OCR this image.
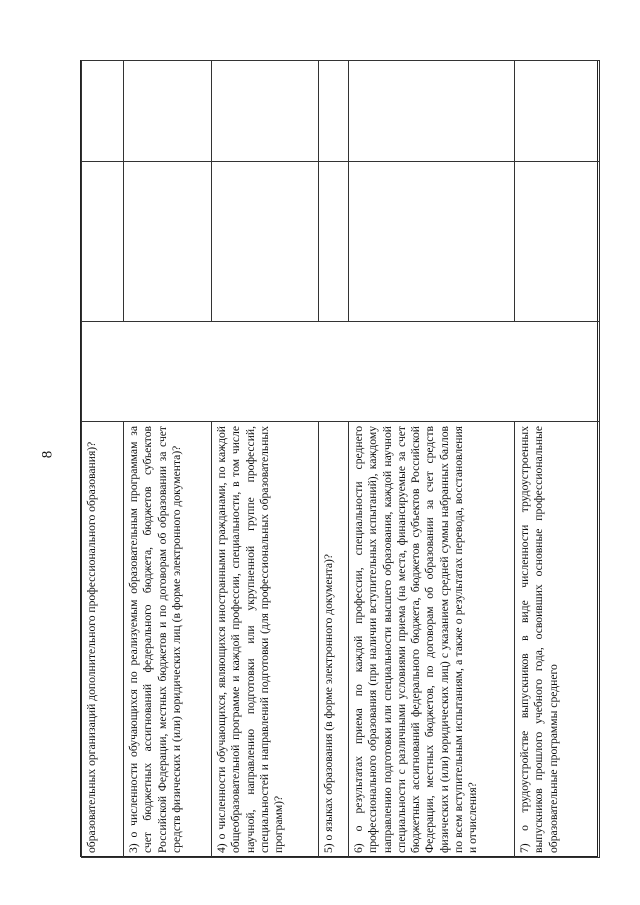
8	образовательных организаций дополнительного профессионального образования)?			
3) о численности обучающихся по реализуемым образовательным программам за счет бюджетных ассигнований федерального бюджета, бюджетов субъектов Российской Федерации, местных бюджетов и по договорам об образовании за счет средств физических и (или) юридических лиц (в форме электронного документа)?			
4) о численности обучающихся, являющихся иностранными гражданами, по каждой общеобразовательной программе и каждой профессии, специальности, в том числе научной, направлению подготовки или укрупненной группе профессий, специальностей и направлений подготовки (для профессиональных образовательных программ)?			
5) о языках образования (в форме электронного документа)?			
6) о результатах приема по каждой профессии, специальности среднего профессионального образования (при наличии вступительных испытаний), каждому направлению подготовки или специальности высшего образования, каждой научной специальности с различными условиями приема (на места, финансируемые за счет бюджетных ассигнований федерального бюджета, бюджетов субъектов Российской Федерации, местных бюджетов, по договорам об образовании за счет средств физических и (или) юридических лиц) с указанием средней суммы набранных баллов по всем вступительным испытаниям, а также о результатах перевода, восстановления и отчисления?			
7) о трудоустройстве выпускников в виде численности трудоустроенных выпускников прошлого учебного года, освоивших основные профессиональные образовательные программы среднего			
